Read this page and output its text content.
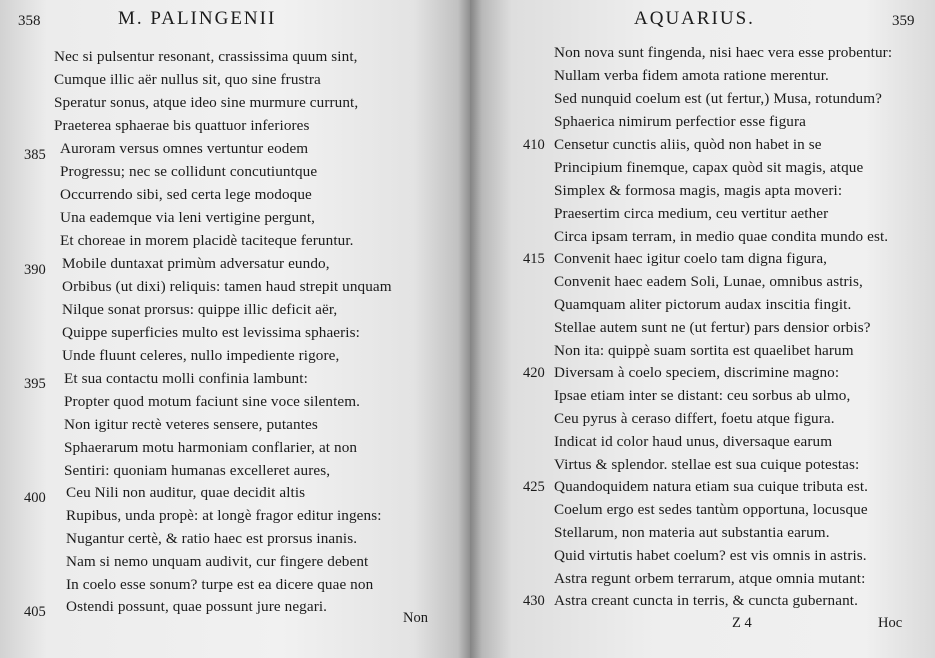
358	M. PALINGENII
385
390
395
400
405
Nec si pulsentur resonant, crassissima quum sint,
Cumque illic aër nullus sit, quo sine frustra
Speratur sonus, atque ideo sine murmure currunt,
Praeterea sphaerae bis quattuor inferiores
Auroram versus omnes vertuntur eodem
Progressu; nec se collidunt concutiuntque
Occurrendo sibi, sed certa lege modoque
Una eademque via leni vertigine pergunt,
Et choreae in morem placidè taciteque feruntur.
Mobile duntaxat primùm adversatur eundo,
Orbibus (ut dixi) reliquis: tamen haud strepit unquam
Nilque sonat prorsus: quippe illic deficit aër,
Quippe superficies multo est levissima sphaeris:
Unde fluunt celeres, nullo impediente rigore,
Et sua contactu molli confinia lambunt:
Propter quod motum faciunt sine voce silentem.
Non igitur rectè veteres sensere, putantes
Sphaerarum motu harmoniam conflarier, at non
Sentiri: quoniam humanas excelleret aures,
Ceu Nili non auditur, quae decidit altis
Rupibus, unda propè: at longè fragor editur ingens:
Nugantur certè, & ratio haec est prorsus inanis.
Nam si nemo unquam audivit, cur fingere debent
In coelo esse sonum? turpe est ea dicere quae non
Ostendi possunt, quae possunt jure negari.
Non
AQUARIUS.	359
410
415
420
425
430
Non nova sunt fingenda, nisi haec vera esse probentur:
Nullam verba fidem amota ratione merentur.
Sed nunquid coelum est (ut fertur,) Musa, rotundum?
Sphaerica nimirum perfectior esse figura
Censetur cunctis aliis, quòd non habet in se
Principium finemque, capax quòd sit magis, atque
Simplex & formosa magis, magis apta moveri:
Praesertim circa medium, ceu vertitur aether
Circa ipsam terram, in medio quae condita mundo est.
Convenit haec igitur coelo tam digna figura,
Convenit haec eadem Soli, Lunae, omnibus astris,
Quamquam aliter pictorum audax inscitia fingit.
Stellae autem sunt ne (ut fertur) pars densior orbis?
Non ita: quippè suam sortita est quaelibet harum
Diversam à coelo speciem, discrimine magno:
Ipsae etiam inter se distant: ceu sorbus ab ulmo,
Ceu pyrus à ceraso differt, foetu atque figura.
Indicat id color haud unus, diversaque earum
Virtus & splendor. stellae est sua cuique potestas:
Quandoquidem natura etiam sua cuique tributa est.
Coelum ergo est sedes tantùm opportuna, locusque
Stellarum, non materia aut substantia earum.
Quid virtutis habet coelum? est vis omnis in astris.
Astra regunt orbem terrarum, atque omnia mutant:
Astra creant cuncta in terris, & cuncta gubernant.
Z 4	Hoc
